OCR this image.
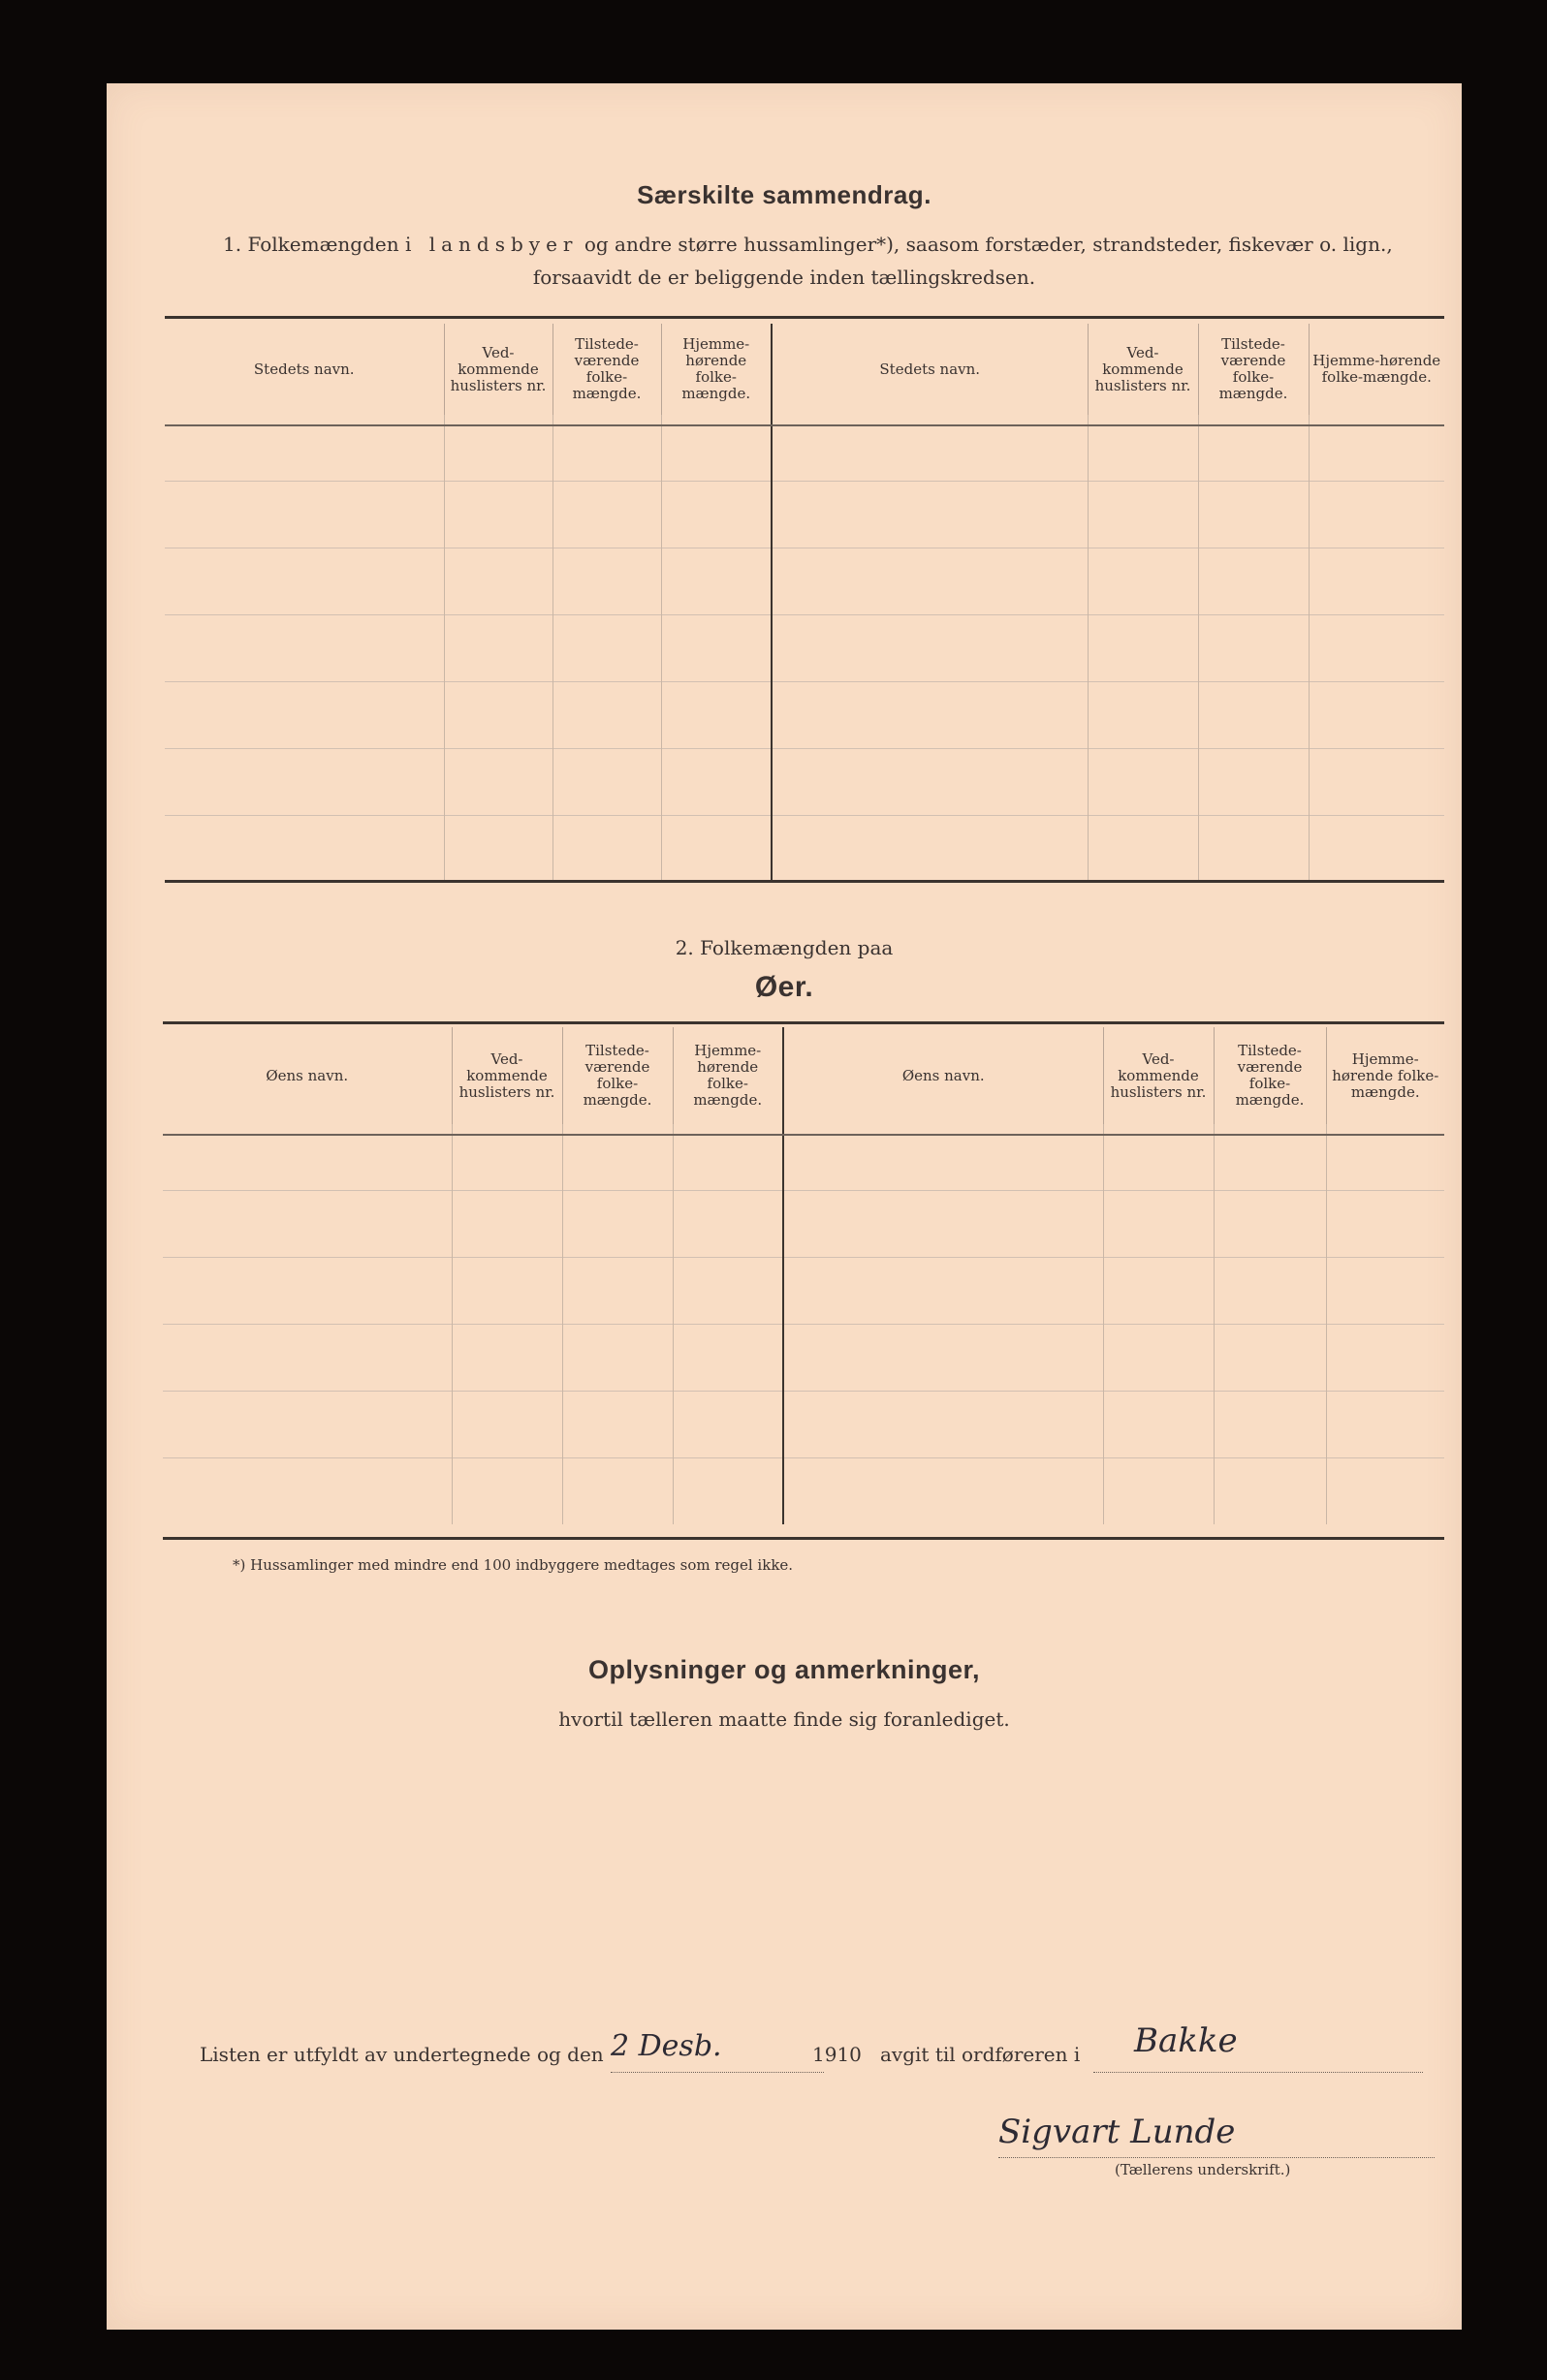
Særskilte sammendrag.
1. Folkemængden i landsbyer og andre større hussamlinger*), saasom forstæder, strandsteder, fiskevær o. lign.,
forsaavidt de er beliggende inden tællingskredsen.
Stedets navn.	Ved-kommende huslisters nr.	Tilstede-værende folke-mængde.	Hjemme-hørende folke-mængde.	Stedets navn.	Ved-kommende huslisters nr.	Tilstede-værende folke-mængde.	Hjemme-hørende folke-mængde.

2. Folkemængden paa
Øer.
Øens navn.	Ved-kommende huslisters nr.	Tilstede-værende folke-mængde.	Hjemme-hørende folke-mængde.	Øens navn.	Ved-kommende huslisters nr.	Tilstede-værende folke-mængde.	Hjemme-hørende folke-mængde.

*) Hussamlinger med mindre end 100 indbyggere medtages som regel ikke.
Oplysninger og anmerkninger,
hvortil tælleren maatte finde sig foranlediget.
Listen er utfyldt av undertegnede og den 2 Desb.	1910 avgit til ordføreren i Bakke
Sigvart Lunde
(Tællerens underskrift.)
